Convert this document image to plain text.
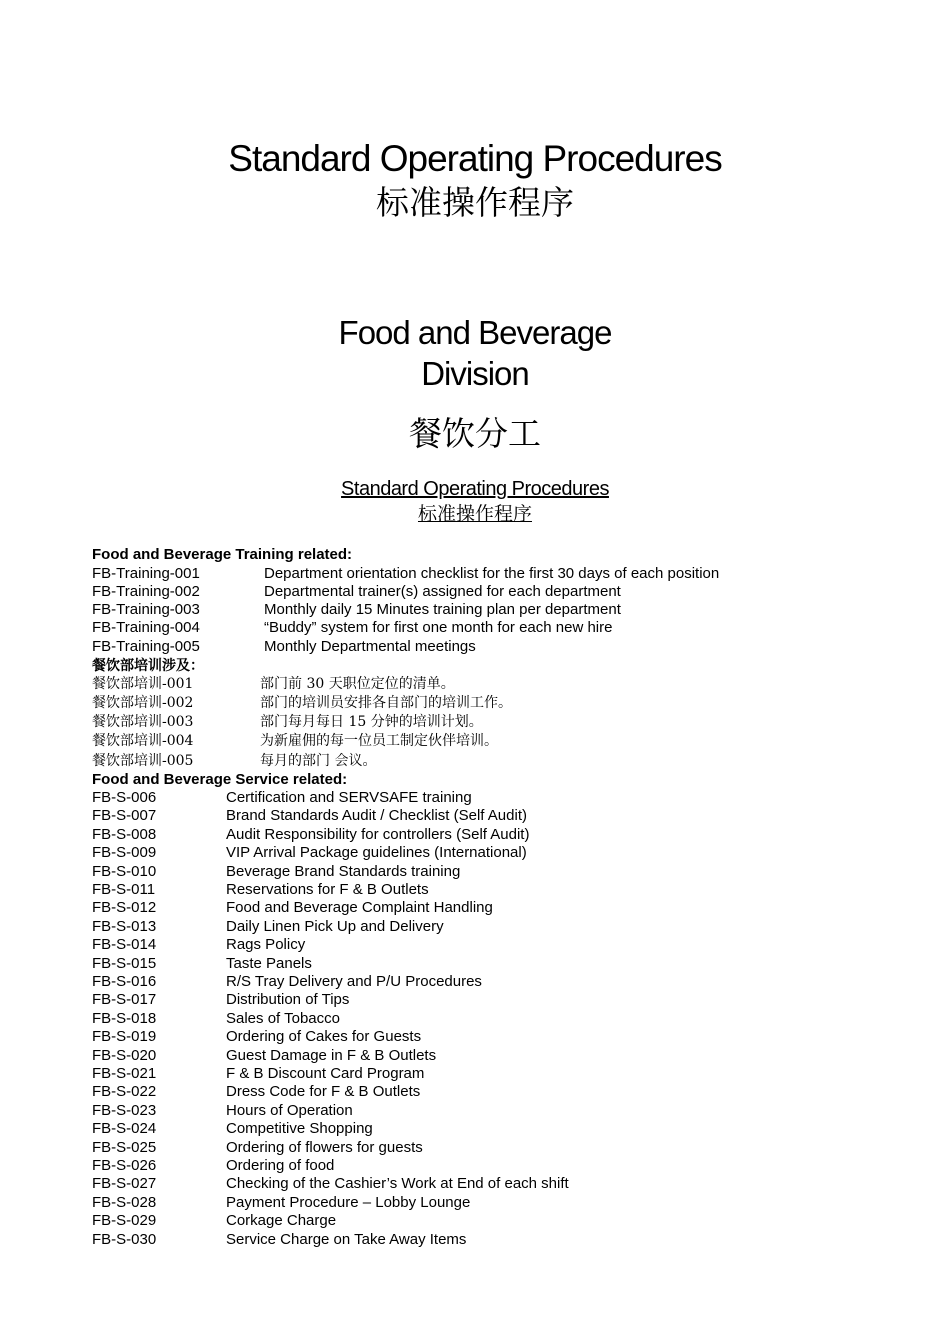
Standard Operating Procedures
标准操作程序
Food and Beverage
Division
餐饮分工
Standard Operating Procedures
标准操作程序
Food and Beverage Training related:
FB-Training-001	Department orientation checklist for the first 30 days of each position
FB-Training-002	Departmental trainer(s) assigned for each department
FB-Training-003	Monthly daily 15 Minutes training plan per department
FB-Training-004	“Buddy” system for first one month for each new hire
FB-Training-005	Monthly Departmental meetings
餐饮部培训涉及：
餐饮部培训-001	部门前 30 天职位定位的清单。
餐饮部培训-002	部门的培训员安排各自部门的培训工作。
餐饮部培训-003	部门每月每日 15 分钟的培训计划。
餐饮部培训-004	为新雇佣的每一位员工制定伙伴培训。
餐饮部培训-005	每月的部门 会议。
Food and Beverage Service related:
FB-S-006	Certification and SERVSAFE training
FB-S-007	Brand Standards Audit / Checklist (Self Audit)
FB-S-008	Audit Responsibility for controllers (Self Audit)
FB-S-009	VIP Arrival Package guidelines (International)
FB-S-010	Beverage Brand Standards training
FB-S-011	Reservations for F & B Outlets
FB-S-012	Food and Beverage Complaint Handling
FB-S-013	Daily Linen Pick Up and Delivery
FB-S-014	Rags Policy
FB-S-015	Taste Panels
FB-S-016	R/S Tray Delivery and P/U Procedures
FB-S-017	Distribution of Tips
FB-S-018	Sales of Tobacco
FB-S-019	Ordering of Cakes for Guests
FB-S-020	Guest Damage in F & B Outlets
FB-S-021	F & B Discount Card Program
FB-S-022	Dress Code for F & B Outlets
FB-S-023	Hours of Operation
FB-S-024	Competitive Shopping
FB-S-025	Ordering of flowers for guests
FB-S-026	Ordering of food
FB-S-027	Checking of the Cashier’s Work at End of each shift
FB-S-028	Payment Procedure – Lobby Lounge
FB-S-029	Corkage Charge
FB-S-030	Service Charge on Take Away Items
